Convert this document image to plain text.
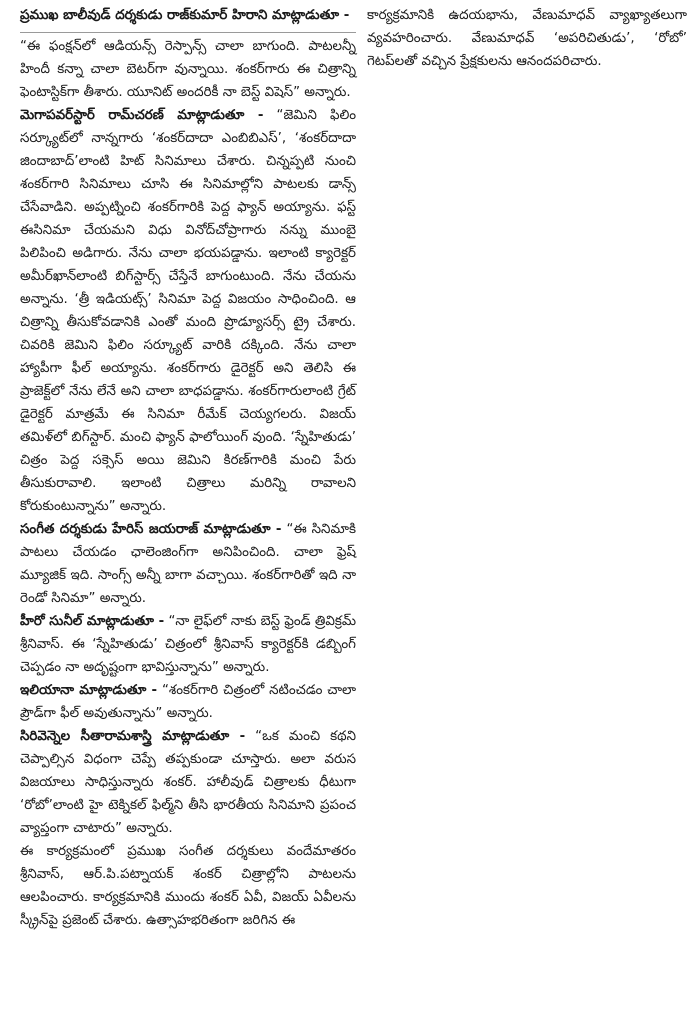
ప్రముఖ బాలీవుడ్ దర్శకుడు రాజ్‌కుమార్ హిరాని మాట్లాడుతూ -

“ఈ ఫంక్షన్‌లో ఆడియన్స్ రెస్పాన్స్ చాలా బాగుంది. పాటలన్నీ హిందీ కన్నా చాలా బెటర్‌గా వున్నాయి. శంకర్‌గారు ఈ చిత్రాన్ని ఫెంటాస్టిక్‌గా తీశారు. యూనిట్ అందరికీ నా బెస్ట్ విషెస్” అన్నారు.

మెగాపవర్‌స్టార్ రామ్‌చరణ్ మాట్లాడుతూ - “జెమిని ఫిలిం సర్క్యూట్‌లో నాన్నగారు ‘శంకర్‌దాదా ఎంబిబిఎస్’, ‘శంకర్‌దాదా జిందాబాద్’లాంటి హిట్ సినిమాలు చేశారు. చిన్నప్పటి నుంచి శంకర్‌గారి సినిమాలు చూసి ఈ సినిమాల్లోని పాటలకు డాన్స్ చేసేవాడిని. అప్పట్నించి శంకర్‌గారికి పెద్ద ఫ్యాన్ అయ్యాను. ఫస్ట్ ఈసినిమా చేయమని విధు వినోద్‌చోప్రాగారు నన్ను ముంబై పిలిపించి అడిగారు. నేను చాలా భయపడ్డాను. ఇలాంటి క్యారెక్టర్ అమీర్‌ఖాన్‌లాంటి బిగ్‌స్టార్స్ చేస్తేనే బాగుంటుంది. నేను చేయను అన్నాను. ‘త్రీ ఇడియట్స్’ సినిమా పెద్ద విజయం సాధించింది. ఆ చిత్రాన్ని తీసుకోవడానికి ఎంతో మంది ప్రొడ్యూసర్స్ ట్రై చేశారు. చివరికి జెమిని ఫిలిం సర్క్యూట్ వారికి దక్కింది. నేను చాలా హ్యాపీగా ఫీల్ అయ్యాను. శంకర్‌గారు డైరెక్టర్ అని తెలిసి ఈ ప్రాజెక్ట్‌లో నేను లేనే అని చాలా బాధపడ్డాను. శంకర్‌గారులాంటి గ్రేట్ డైరెక్టర్ మాత్రమే ఈ సినిమా రీమేక్ చెయ్యగలరు. విజయ్ తమిళ్‌లో బిగ్‌స్టార్. మంచి ఫ్యాన్ ఫాలోయింగ్ వుంది. ‘స్నేహితుడు’ చిత్రం పెద్ద సక్సెస్ అయి జెమిని కిరణ్‌గారికి మంచి పేరు తీసుకురావాలి. ఇలాంటి చిత్రాలు మరిన్ని రావాలని కోరుకుంటున్నాను” అన్నారు.

సంగీత దర్శకుడు హేరిస్ జయరాజ్ మాట్లాడుతూ - “ఈ సినిమాకి పాటలు చేయడం ఛాలెంజింగ్‌గా అనిపించింది. చాలా ఫ్రెష్ మ్యూజిక్ ఇది. సాంగ్స్ అన్నీ బాగా వచ్చాయి. శంకర్‌గారితో ఇది నా రెండో సినిమా” అన్నారు.

హీరో సునీల్ మాట్లాడుతూ - “నా లైఫ్‌లో నాకు బెస్ట్ ఫ్రెండ్ త్రివిక్రమ్ శ్రీనివాస్. ఈ ‘స్నేహితుడు’ చిత్రంలో శ్రీనివాస్ క్యారెక్టర్‌కి డబ్బింగ్ చెప్పడం నా అదృష్టంగా భావిస్తున్నాను” అన్నారు.

ఇలియానా మాట్లాడుతూ - “శంకర్‌గారి చిత్రంలో నటించడం చాలా ప్రౌడ్‌గా ఫీల్ అవుతున్నాను” అన్నారు.

సిరివెన్నెల సీతారామశాస్త్రి మాట్లాడుతూ - “ఒక మంచి కథని చెప్పాల్సిన విధంగా చెప్పే తప్పకుండా చూస్తారు. అలా వరుస విజయాలు సాధిస్తున్నారు శంకర్. హాలీవుడ్ చిత్రాలకు ధీటుగా ‘రోబో’లాంటి హై టెక్నికల్ ఫిల్మ్‌ని తీసి భారతీయ సినిమాని ప్రపంచ వ్యాప్తంగా చాటారు” అన్నారు.

ఈ కార్యక్రమంలో ప్రముఖ సంగీత దర్శకులు వందేమాతరం శ్రీనివాస్, ఆర్.పి.పట్నాయక్ శంకర్ చిత్రాల్లోని పాటలను ఆలపించారు. కార్యక్రమానికి ముందు శంకర్ ఏవీ, విజయ్ ఏవీలను స్క్రీన్‌పై ప్రజెంట్ చేశారు. ఉత్సాహభరితంగా జరిగిన ఈ

కార్యక్రమానికి ఉదయభాను, వేణుమాధవ్ వ్యాఖ్యాతలుగా వ్యవహరించారు. వేణుమాధవ్ ‘అపరిచితుడు’, ‘రోబో’ గెటప్‌లతో వచ్చిన ప్రేక్షకులను ఆనందపరిచారు.
